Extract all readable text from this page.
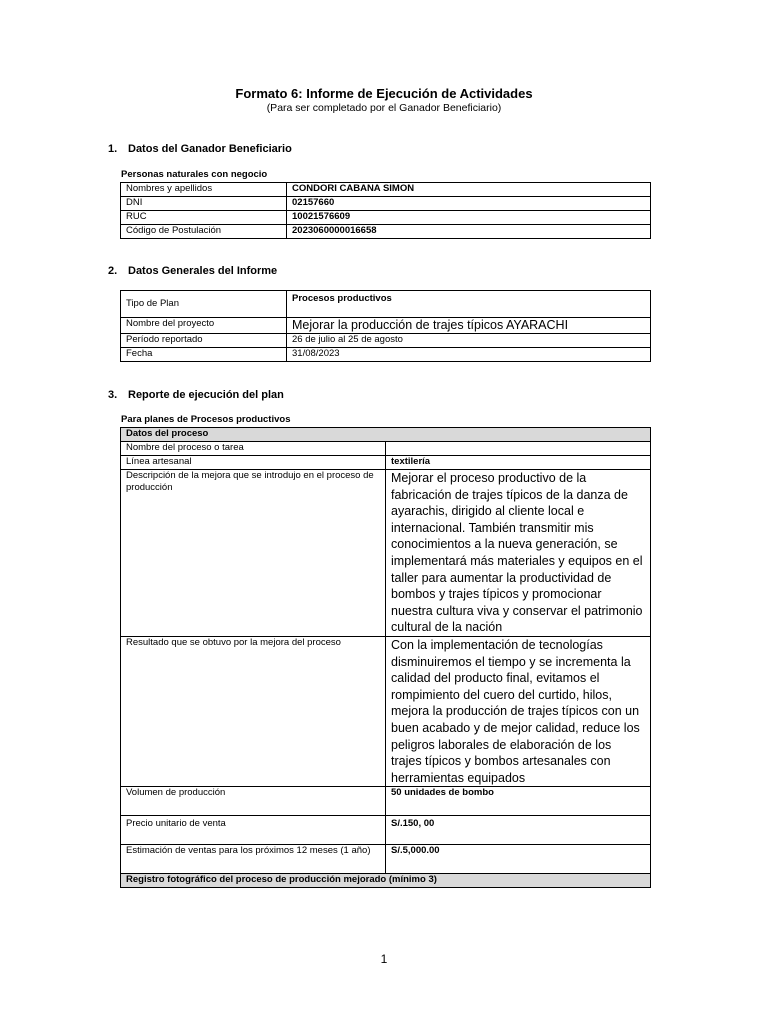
Formato 6: Informe de Ejecución de Actividades
(Para ser completado por el Ganador Beneficiario)
1. Datos del Ganador Beneficiario
Personas naturales con negocio
Nombres y apellidos	CONDORI CABANA SIMON
DNI	02157660
RUC	10021576609
Código de Postulación	2023060000016658
2. Datos Generales del Informe
Tipo de Plan	Procesos productivos
Nombre del proyecto	Mejorar la producción de trajes típicos AYARACHI
Período reportado	26 de julio al 25 de agosto
Fecha	31/08/2023
3. Reporte de ejecución del plan
Para planes de Procesos productivos
Datos del proceso	
Nombre del proceso o tarea	
Línea artesanal	textilería
Descripción de la mejora que se introdujo en el proceso de producción	Mejorar el proceso productivo de la fabricación de trajes típicos de la danza de ayarachis, dirigido al cliente local e internacional. También transmitir mis conocimientos a la nueva generación, se implementará más materiales y equipos en el taller para aumentar la productividad de bombos y trajes típicos y promocionar nuestra cultura viva y conservar el patrimonio cultural de la nación
Resultado que se obtuvo por la mejora del proceso	Con la implementación de tecnologías disminuiremos el tiempo y se incrementa la calidad del producto final, evitamos el rompimiento del cuero del curtido, hilos, mejora la producción de trajes típicos con un buen acabado y de mejor calidad, reduce los peligros laborales de elaboración de los trajes típicos y bombos artesanales con herramientas equipados
Volumen de producción	50 unidades de bombo
Precio unitario de venta	S/.150, 00
Estimación de ventas para los próximos 12 meses (1 año)	S/.5,000.00
Registro fotográfico del proceso de producción mejorado (mínimo 3)	
1
